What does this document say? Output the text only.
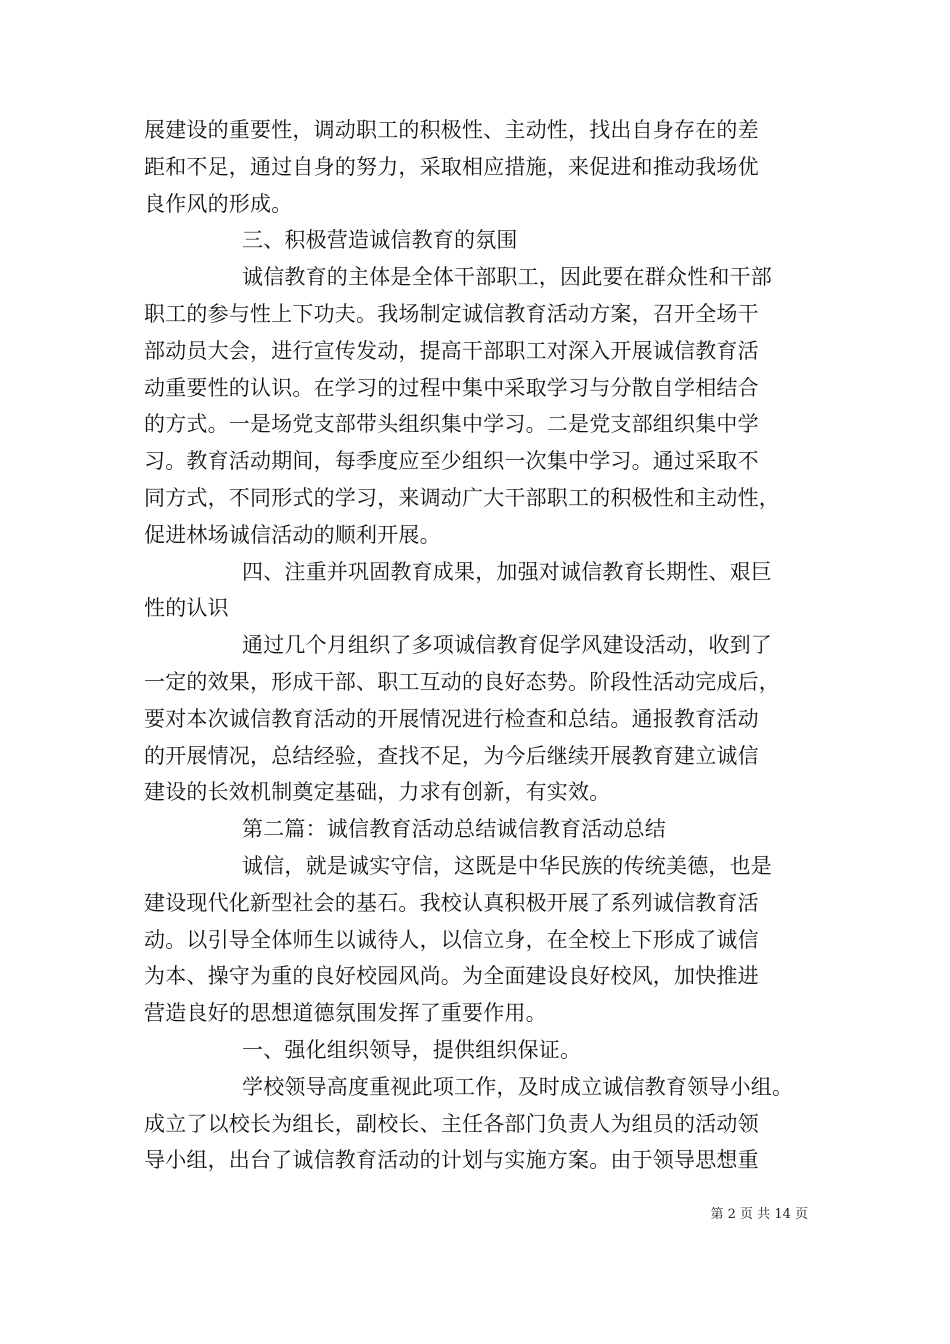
展建设的重要性，调动职工的积极性、主动性，找出自身存在的差
距和不足，通过自身的努力，采取相应措施，来促进和推动我场优
良作风的形成。
三、积极营造诚信教育的氛围
诚信教育的主体是全体干部职工，因此要在群众性和干部
职工的参与性上下功夫。我场制定诚信教育活动方案，召开全场干
部动员大会，进行宣传发动，提高干部职工对深入开展诚信教育活
动重要性的认识。在学习的过程中集中采取学习与分散自学相结合
的方式。一是场党支部带头组织集中学习。二是党支部组织集中学
习。教育活动期间，每季度应至少组织一次集中学习。通过采取不
同方式，不同形式的学习，来调动广大干部职工的积极性和主动性，
促进林场诚信活动的顺利开展。
四、注重并巩固教育成果，加强对诚信教育长期性、艰巨
性的认识
通过几个月组织了多项诚信教育促学风建设活动，收到了
一定的效果，形成干部、职工互动的良好态势。阶段性活动完成后，
要对本次诚信教育活动的开展情况进行检查和总结。通报教育活动
的开展情况，总结经验，查找不足，为今后继续开展教育建立诚信
建设的长效机制奠定基础，力求有创新，有实效。
第二篇：诚信教育活动总结诚信教育活动总结
诚信，就是诚实守信，这既是中华民族的传统美德，也是
建设现代化新型社会的基石。我校认真积极开展了系列诚信教育活
动。以引导全体师生以诚待人，以信立身，在全校上下形成了诚信
为本、操守为重的良好校园风尚。为全面建设良好校风，加快推进
营造良好的思想道德氛围发挥了重要作用。
一、强化组织领导，提供组织保证。
学校领导高度重视此项工作，及时成立诚信教育领导小组。
成立了以校长为组长，副校长、主任各部门负责人为组员的活动领
导小组，出台了诚信教育活动的计划与实施方案。由于领导思想重
第 2 页 共 14 页
